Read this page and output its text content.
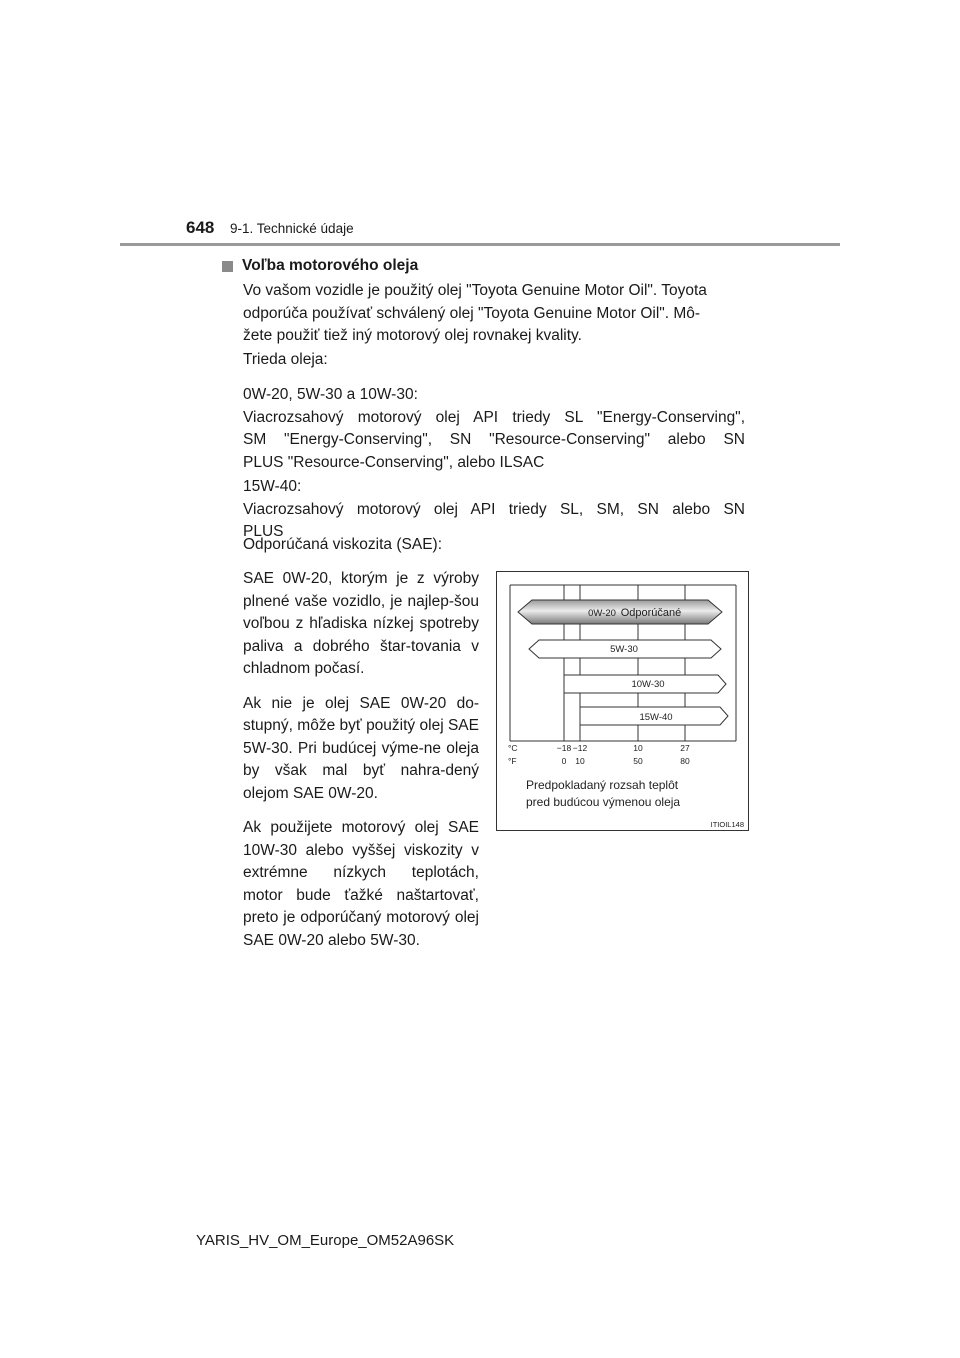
648 9-1. Technické údaje
Voľba motorového oleja

Vo vašom vozidle je použitý olej "Toyota Genuine Motor Oil". Toyota
odporúča používať schválený olej "Toyota Genuine Motor Oil". Mô-
žete použiť tiež iný motorový olej rovnakej kvality.

Trieda oleja:

0W-20, 5W-30 a 10W-30:
Viacrozsahový motorový olej API triedy SL "Energy-Conserving",
SM "Energy-Conserving", SN "Resource-Conserving" alebo SN
PLUS "Resource-Conserving", alebo ILSAC

15W-40:
Viacrozsahový motorový olej API triedy SL, SM, SN alebo SN
PLUS

Odporúčaná viskozita (SAE):

SAE 0W-20, ktorým je z výroby plnené vaše vozidlo, je najlep-šou voľbou z hľadiska nízkej spotreby paliva a dobrého štar-tovania v chladnom počasí.

Ak nie je olej SAE 0W-20 do-stupný, môže byť použitý olej SAE 5W-30. Pri budúcej výme-ne oleja by však mal byť nahra-dený olejom SAE 0W-20.

Ak použijete motorový olej SAE 10W-30 alebo vyššej viskozity v extrémne nízkych teplotách, motor bude ťažké naštartovať, preto je odporúčaný motorový olej SAE 0W-20 alebo 5W-30.

0W-20 Odporúčané
5W-30
10W-30
15W-40
°C
°F
−18 −12	10	27
0 10	50	80
Predpokladaný rozsah teplôt
pred budúcou výmenou oleja
ITIOIL148
YARIS_HV_OM_Europe_OM52A96SK
